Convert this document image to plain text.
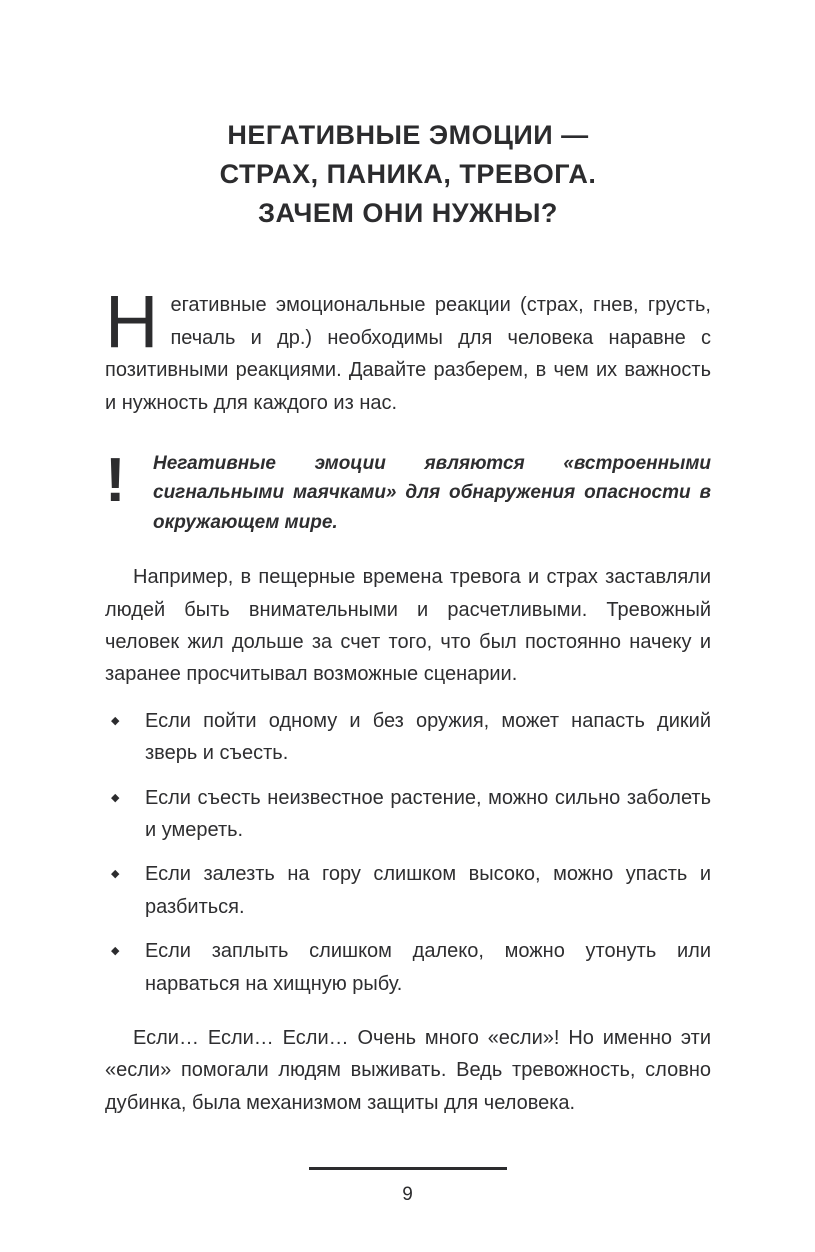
НЕГАТИВНЫЕ ЭМОЦИИ —
СТРАХ, ПАНИКА, ТРЕВОГА.
ЗАЧЕМ ОНИ НУЖНЫ?
Негативные эмоциональные реакции (страх, гнев, грусть, печаль и др.) необходимы для человека наравне с позитивными реакциями. Давайте разберем, в чем их важность и нужность для каждого из нас.
!	Негативные эмоции являются «встроенными сигнальными маячками» для обнаружения опасности в окружающем мире.
Например, в пещерные времена тревога и страх заставляли людей быть внимательными и расчетливыми. Тревожный человек жил дольше за счет того, что был постоянно начеку и заранее просчитывал возможные сценарии.
◆	Если пойти одному и без оружия, может напасть дикий зверь и съесть.
◆	Если съесть неизвестное растение, можно сильно заболеть и умереть.
◆	Если залезть на гору слишком высоко, можно упасть и разбиться.
◆	Если заплыть слишком далеко, можно утонуть или нарваться на хищную рыбу.
Если… Если… Если… Очень много «если»! Но именно эти «если» помогали людям выживать. Ведь тревожность, словно дубинка, была механизмом защиты для человека.
9
